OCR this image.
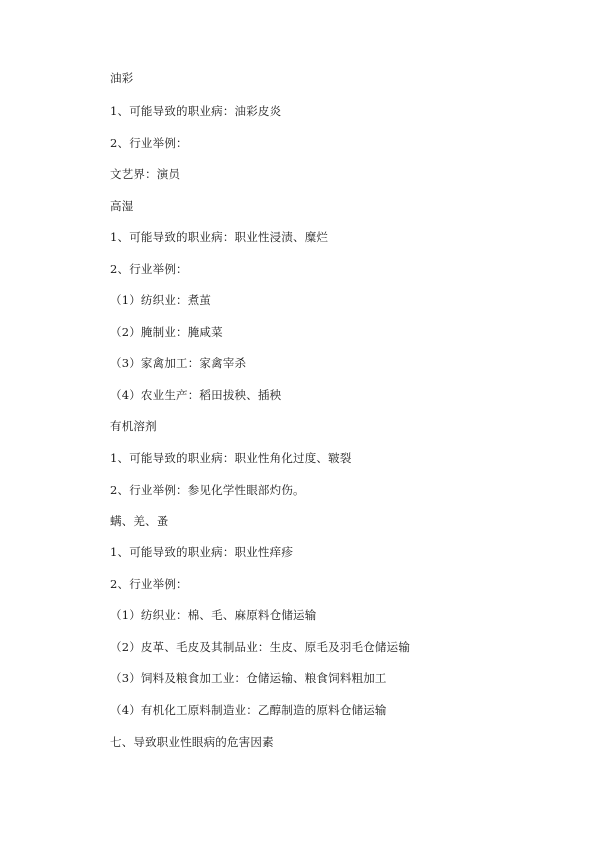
油彩
1、可能导致的职业病：油彩皮炎
2、行业举例：
文艺界：演员
高湿
1、可能导致的职业病：职业性浸渍、糜烂
2、行业举例：
（1）纺织业：煮茧
（2）腌制业：腌咸菜
（3）家禽加工：家禽宰杀
（4）农业生产：稻田拔秧、插秧
有机溶剂
1、可能导致的职业病：职业性角化过度、皲裂
2、行业举例：参见化学性眼部灼伤。
螨、羌、蚤
1、可能导致的职业病：职业性痒疹
2、行业举例：
（1）纺织业：棉、毛、麻原料仓储运输
（2）皮革、毛皮及其制品业：生皮、原毛及羽毛仓储运输
（3）饲料及粮食加工业：仓储运输、粮食饲料粗加工
（4）有机化工原料制造业：乙醇制造的原料仓储运输
七、导致职业性眼病的危害因素
